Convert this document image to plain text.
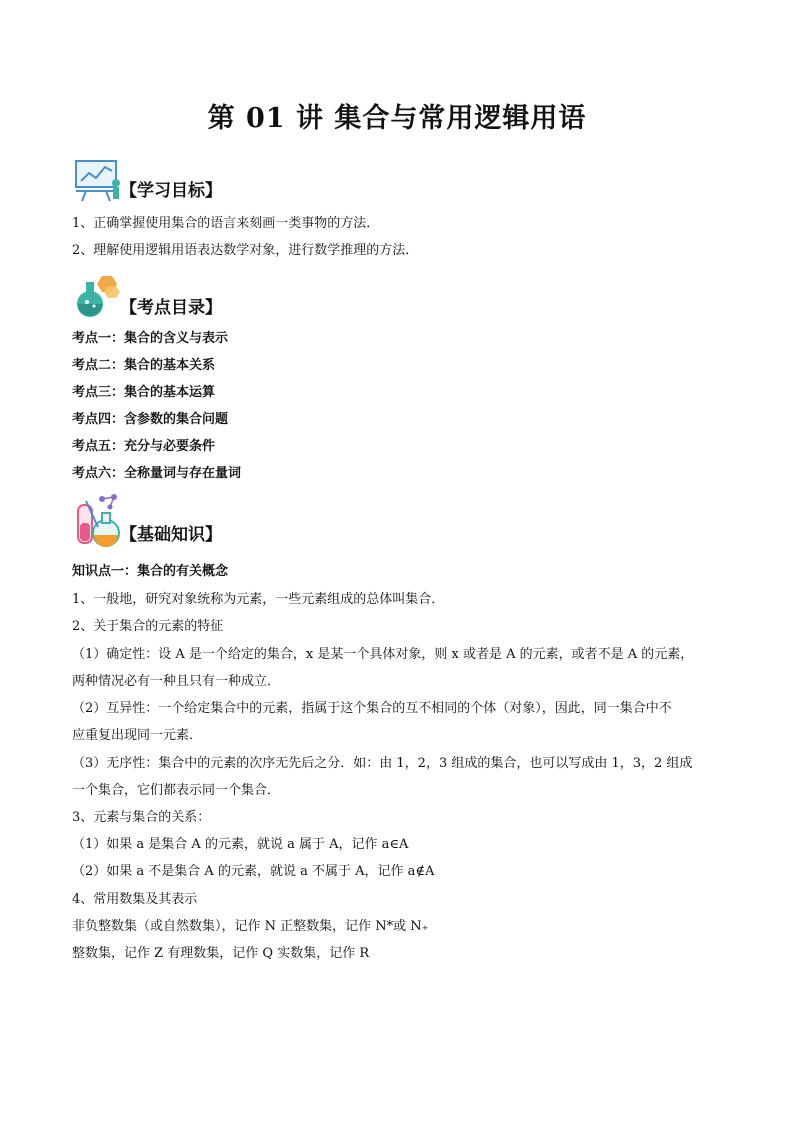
第 01 讲 集合与常用逻辑用语
【学习目标】
1、正确掌握使用集合的语言来刻画一类事物的方法．
2、理解使用逻辑用语表达数学对象，进行数学推理的方法．
【考点目录】
考点一：集合的含义与表示
考点二：集合的基本关系
考点三：集合的基本运算
考点四：含参数的集合问题
考点五：充分与必要条件
考点六：全称量词与存在量词
【基础知识】
知识点一：集合的有关概念
1、一般地，研究对象统称为元素，一些元素组成的总体叫集合．
2、关于集合的元素的特征
（1）确定性：设 A 是一个给定的集合，x 是某一个具体对象，则 x 或者是 A 的元素，或者不是 A 的元素，
两种情况必有一种且只有一种成立．
（2）互异性：一个给定集合中的元素，指属于这个集合的互不相同的个体（对象），因此，同一集合中不
应重复出现同一元素．
（3）无序性：集合中的元素的次序无先后之分．如：由 1，2，3 组成的集合，也可以写成由 1，3，2 组成
一个集合，它们都表示同一个集合．
3、元素与集合的关系：
（1）如果 a 是集合 A 的元素，就说 a 属于 A，记作 a∈A
（2）如果 a 不是集合 A 的元素，就说 a 不属于 A，记作 a∉A
4、常用数集及其表示
非负整数集（或自然数集），记作 N 正整数集，记作 N*或 N₊
整数集，记作 Z 有理数集，记作 Q 实数集，记作 R
